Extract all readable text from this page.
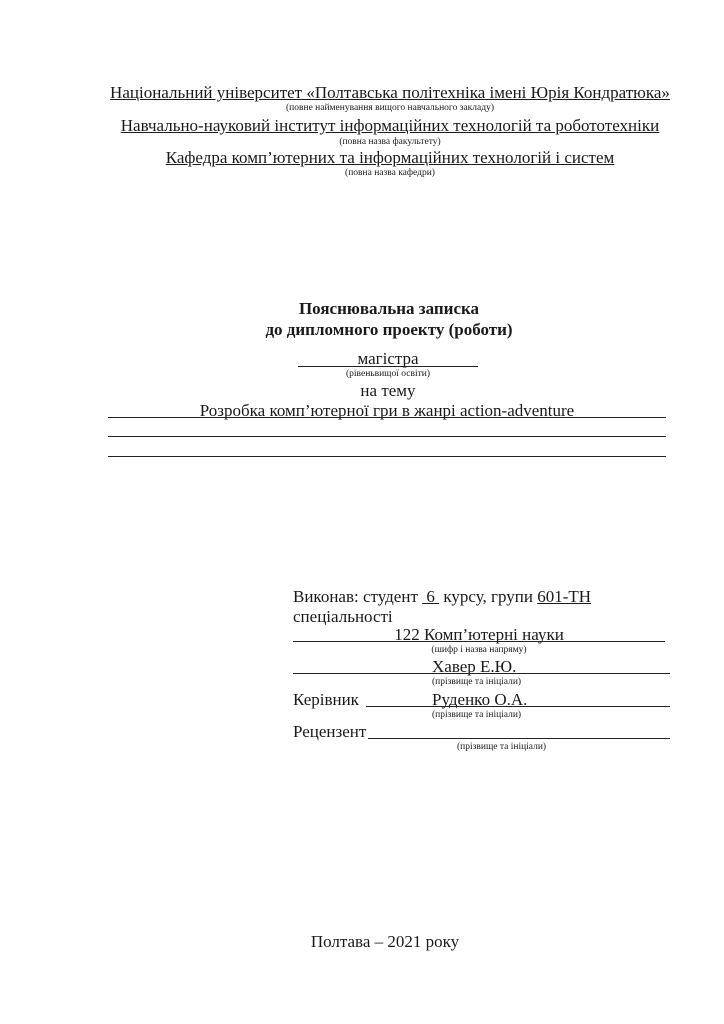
Національний університет «Полтавська політехніка імені Юрія Кондратюка»
(повне найменування вищого навчального закладу)
Навчально-науковий інститут інформаційних технологій та робототехніки
(повна назва факультету)
Кафедра комп’ютерних та інформаційних технологій і систем
(повна назва кафедри)
Пояснювальна записка
до дипломного проекту (роботи)
магістра
(рівеньвищої освіти)
на тему
Розробка комп’ютерної гри в жанрі action-adventure
Виконав: студент 6 курсу, групи 601-ТН
спеціальності
122 Комп’ютерні науки
(шифр і назва напряму)
Хавер Е.Ю.
(прізвище та ініціали)
Керівник	Руденко О.А.
(прізвище та ініціали)
Рецензент
(прізвище та ініціали)
Полтава – 2021 року
